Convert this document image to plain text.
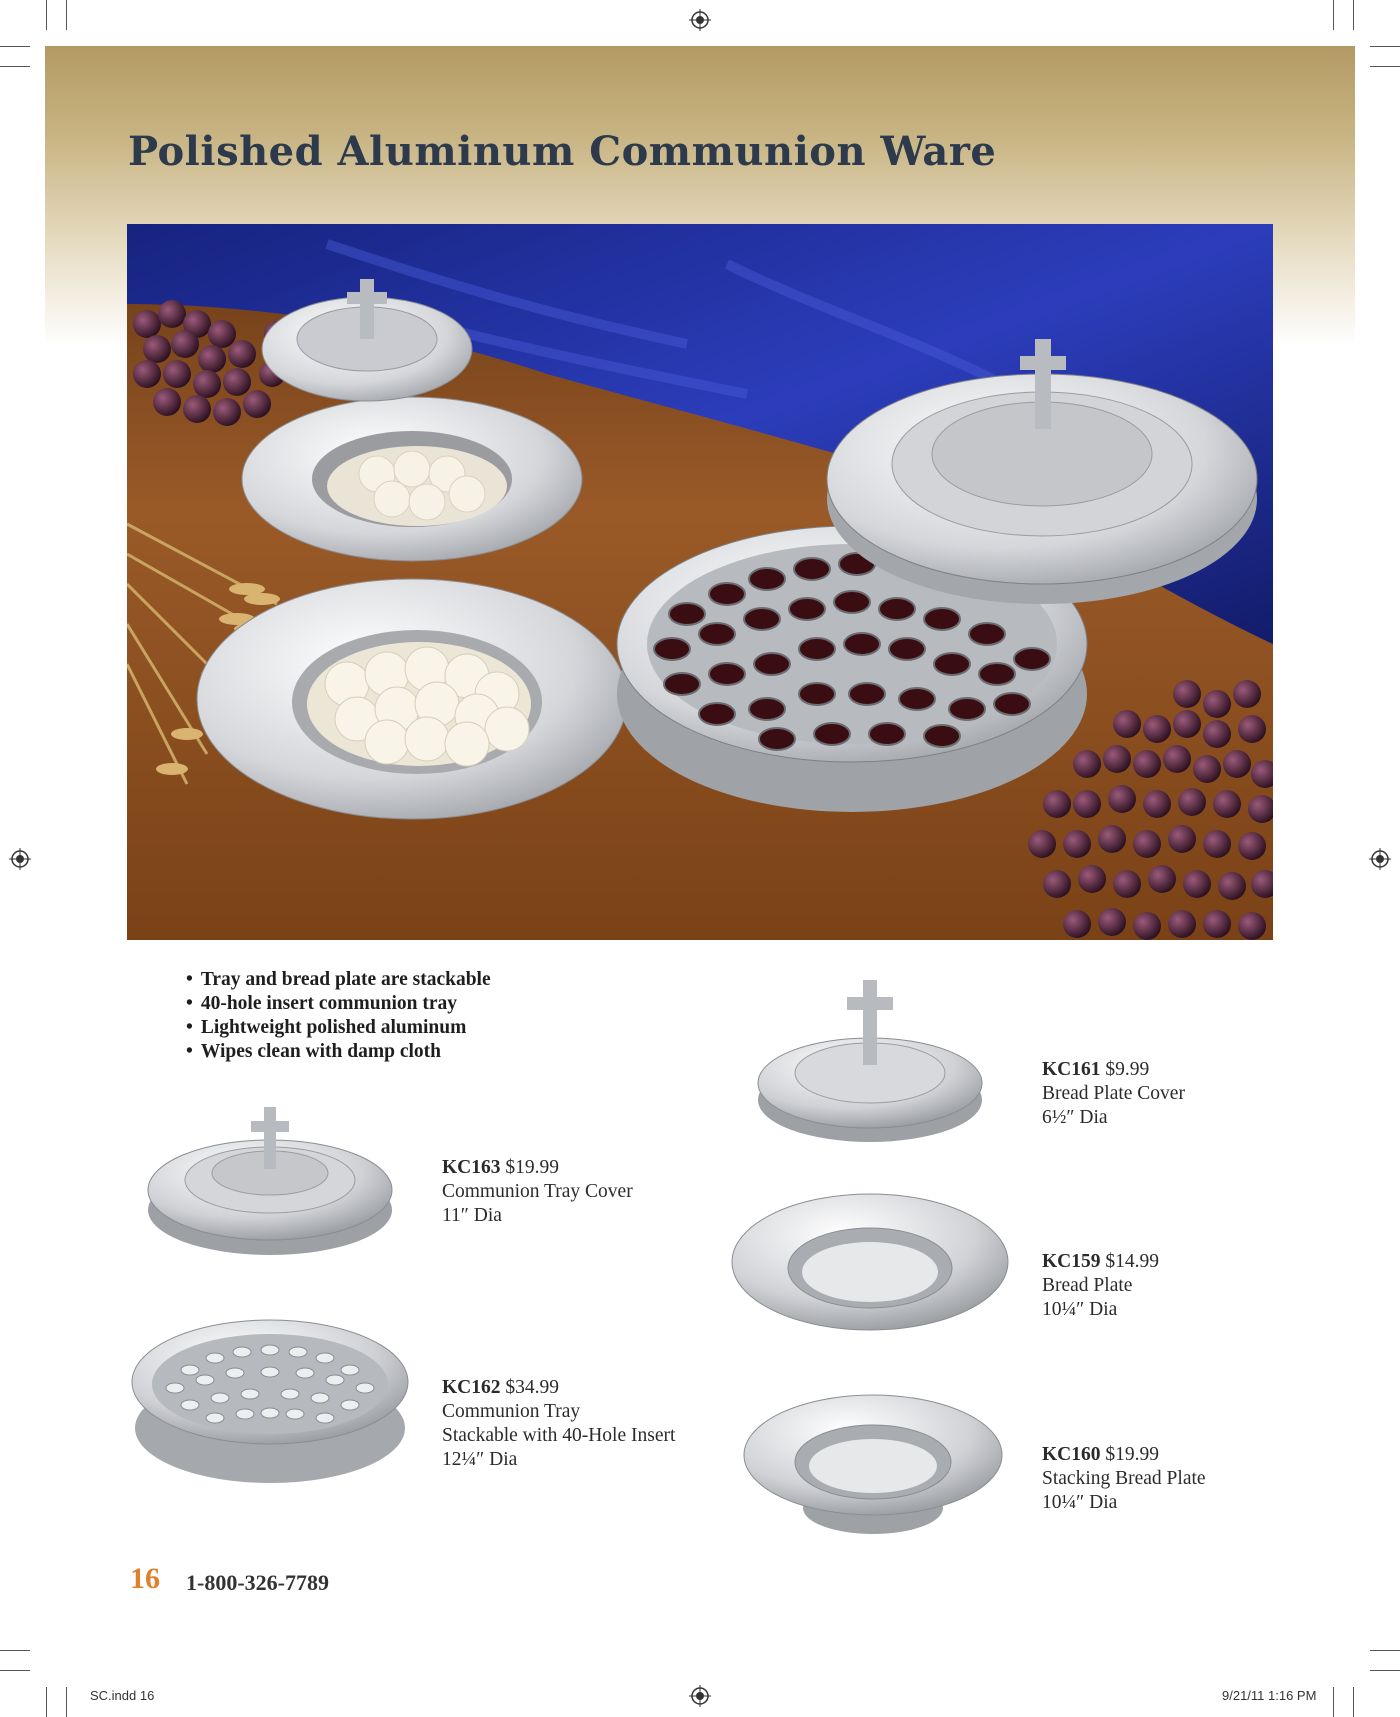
Polished Aluminum Communion Ware
• Tray and bread plate are stackable
• 40-hole insert communion tray
• Lightweight polished aluminum
• Wipes clean with damp cloth
KC161 $9.99
Bread Plate Cover
6½″ Dia
KC163 $19.99
Communion Tray Cover
11″ Dia
KC159 $14.99
Bread Plate
10¼″ Dia
KC162 $34.99
Communion Tray
Stackable with 40-Hole Insert
12¼″ Dia	KC160 $19.99
Stacking Bread Plate
10¼″ Dia
16 1-800-326-7789
SC.indd 16	9/21/11 1:16 PM
